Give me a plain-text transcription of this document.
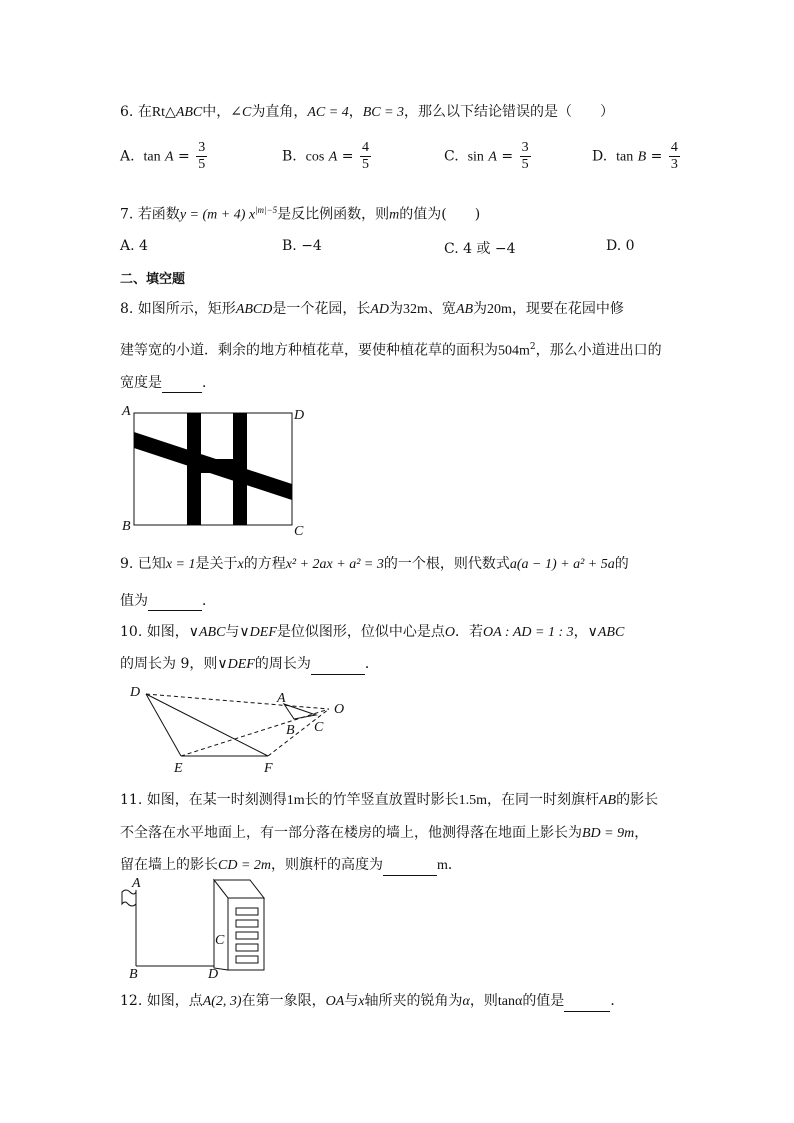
6. 在Rt△ABC中，∠C为直角，AC = 4，BC = 3，那么以下结论错误的是（　　）
A. $\tan A = \frac{3}{5}$	B. $\cos A = \frac{4}{5}$	C. $\sin A = \frac{3}{5}$	D. $\tan B = \frac{4}{3}$
7. 若函数y = (m + 4) $x^{|m|-5}$是反比例函数，则m的值为(　　)
A. 4	B. −4	C. 4 或 −4	D. 0
二、填空题
8. 如图所示，矩形ABCD是一个花园，长AD为32m、宽AB为20m，现要在花园中修
建等宽的小道．剩余的地方种植花草，要使种植花草的面积为$504m^2$，那么小道进出口的
宽度是	．
A	D
B	C
9. 已知x = 1是关于x的方程x² + 2ax + a² = 3的一个根，则代数式a(a − 1) + a² + 5a的
值为	．
10. 如图，∨ABC与∨DEF是位似图形，位似中心是点O．若OA : AD = 1 : 3，∨ABC
的周长为 9，则∨DEF的周长为	．
D	A
O
B C
E	F
11. 如图，在某一时刻测得1m长的竹竿竖直放置时影长1.5m，在同一时刻旗杆AB的影长
不全落在水平地面上，有一部分落在楼房的墙上，他测得落在地面上影长为BD = 9m，
留在墙上的影长CD = 2m，则旗杆的高度为	m．
A
B
C
D
12. 如图，点A(2, 3)在第一象限，OA与x轴所夹的锐角为α，则tanα的值是	．
